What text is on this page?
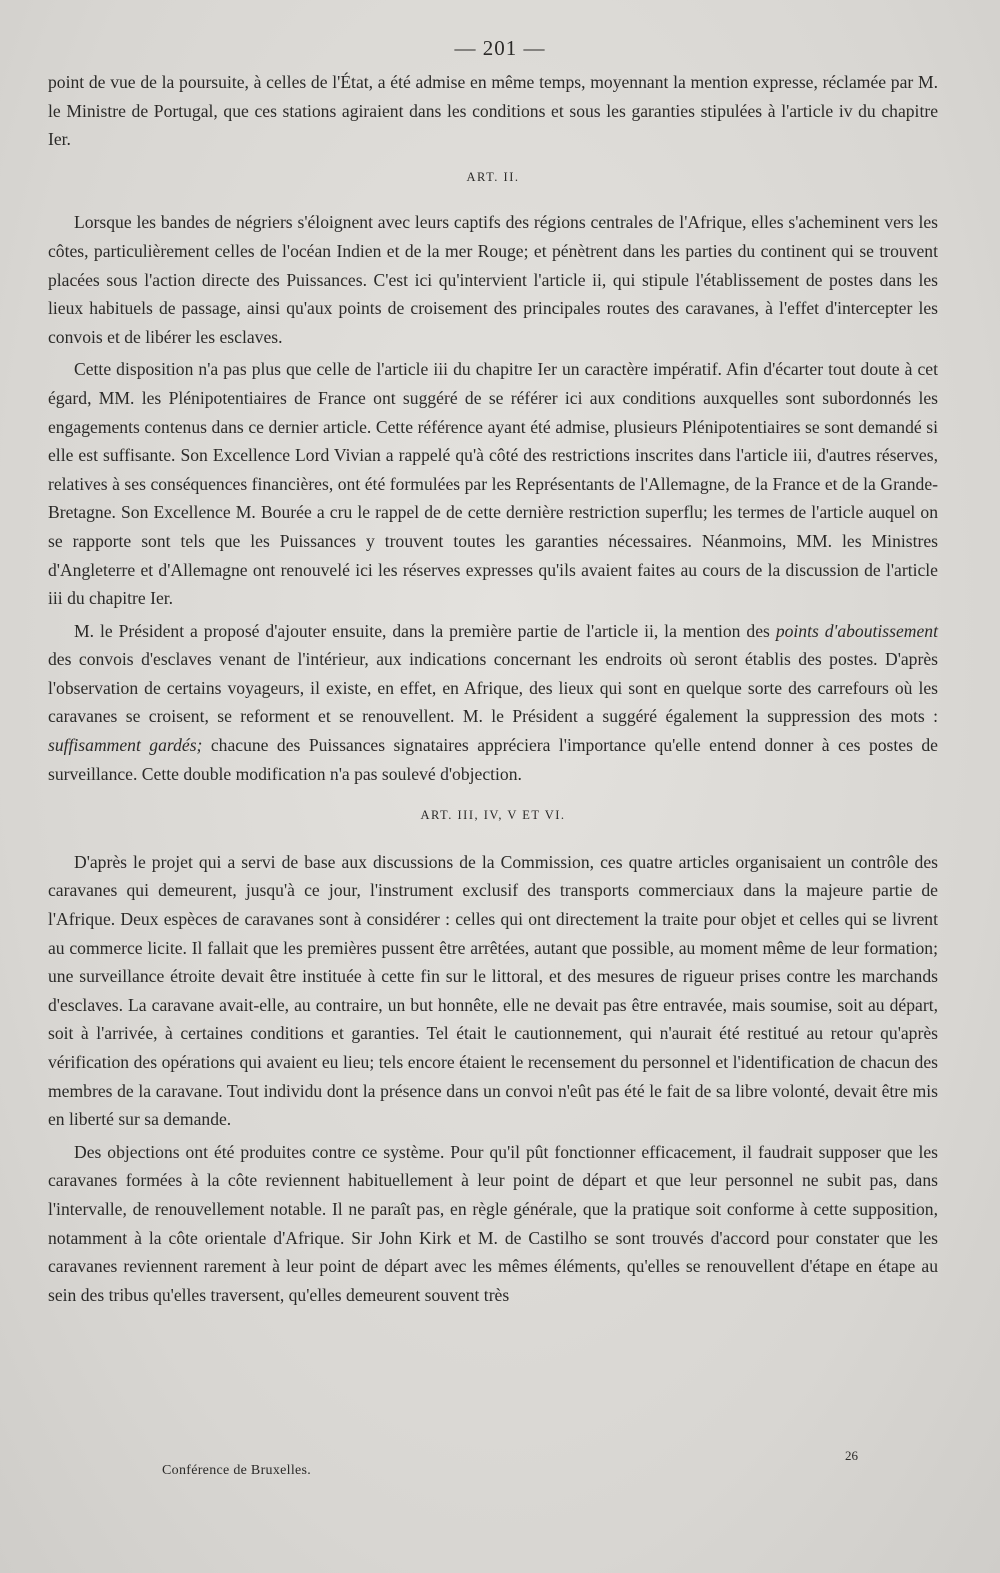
— 201 —

point de vue de la poursuite, à celles de l'État, a été admise en même temps, moyennant la mention expresse, réclamée par M. le Ministre de Portugal, que ces stations agiraient dans les conditions et sous les garanties stipulées à l'article iv du chapitre Ier.

ART. II.

Lorsque les bandes de négriers s'éloignent avec leurs captifs des régions centrales de l'Afrique, elles s'acheminent vers les côtes, particulièrement celles de l'océan Indien et de la mer Rouge; et pénètrent dans les parties du continent qui se trouvent placées sous l'action directe des Puissances. C'est ici qu'intervient l'article ii, qui stipule l'établissement de postes dans les lieux habituels de passage, ainsi qu'aux points de croisement des principales routes des caravanes, à l'effet d'intercepter les convois et de libérer les esclaves.

Cette disposition n'a pas plus que celle de l'article iii du chapitre Ier un caractère impératif. Afin d'écarter tout doute à cet égard, MM. les Plénipotentiaires de France ont suggéré de se référer ici aux conditions auxquelles sont subordonnés les engagements contenus dans ce dernier article. Cette référence ayant été admise, plusieurs Plénipotentiaires se sont demandé si elle est suffisante. Son Excellence Lord Vivian a rappelé qu'à côté des restrictions inscrites dans l'article iii, d'autres réserves, relatives à ses conséquences financières, ont été formulées par les Représentants de l'Allemagne, de la France et de la Grande-Bretagne. Son Excellence M. Bourée a cru le rappel de de cette dernière restriction superflu; les termes de l'article auquel on se rapporte sont tels que les Puissances y trouvent toutes les garanties nécessaires. Néanmoins, MM. les Ministres d'Angleterre et d'Allemagne ont renouvelé ici les réserves expresses qu'ils avaient faites au cours de la discussion de l'article iii du chapitre Ier.

M. le Président a proposé d'ajouter ensuite, dans la première partie de l'article ii, la mention des points d'aboutissement des convois d'esclaves venant de l'intérieur, aux indications concernant les endroits où seront établis des postes. D'après l'observation de certains voyageurs, il existe, en effet, en Afrique, des lieux qui sont en quelque sorte des carrefours où les caravanes se croisent, se reforment et se renouvellent. M. le Président a suggéré également la suppression des mots : suffisamment gardés; chacune des Puissances signataires appréciera l'importance qu'elle entend donner à ces postes de surveillance. Cette double modification n'a pas soulevé d'objection.

ART. III, IV, V ET VI.

D'après le projet qui a servi de base aux discussions de la Commission, ces quatre articles organisaient un contrôle des caravanes qui demeurent, jusqu'à ce jour, l'instrument exclusif des transports commerciaux dans la majeure partie de l'Afrique. Deux espèces de caravanes sont à considérer : celles qui ont directement la traite pour objet et celles qui se livrent au commerce licite. Il fallait que les premières pussent être arrêtées, autant que possible, au moment même de leur formation; une surveillance étroite devait être instituée à cette fin sur le littoral, et des mesures de rigueur prises contre les marchands d'esclaves. La caravane avait-elle, au contraire, un but honnête, elle ne devait pas être entravée, mais soumise, soit au départ, soit à l'arrivée, à certaines conditions et garanties. Tel était le cautionnement, qui n'aurait été restitué au retour qu'après vérification des opérations qui avaient eu lieu; tels encore étaient le recensement du personnel et l'identification de chacun des membres de la caravane. Tout individu dont la présence dans un convoi n'eût pas été le fait de sa libre volonté, devait être mis en liberté sur sa demande.

Des objections ont été produites contre ce système. Pour qu'il pût fonctionner efficacement, il faudrait supposer que les caravanes formées à la côte reviennent habituellement à leur point de départ et que leur personnel ne subit pas, dans l'intervalle, de renouvellement notable. Il ne paraît pas, en règle générale, que la pratique soit conforme à cette supposition, notamment à la côte orientale d'Afrique. Sir John Kirk et M. de Castilho se sont trouvés d'accord pour constater que les caravanes reviennent rarement à leur point de départ avec les mêmes éléments, qu'elles se renouvellent d'étape en étape au sein des tribus qu'elles traversent, qu'elles demeurent souvent très

Conférence de Bruxelles.
26
